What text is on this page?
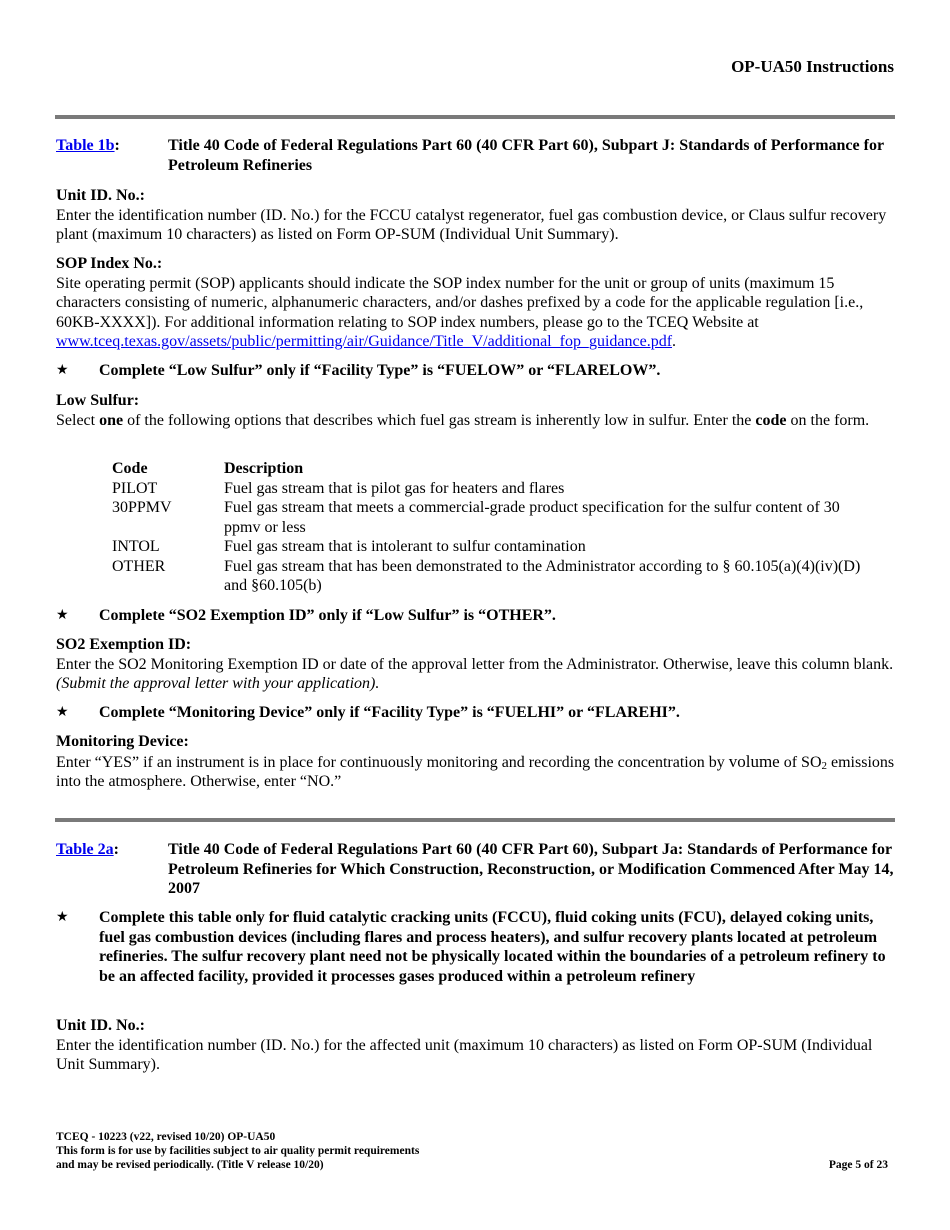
OP-UA50 Instructions
Table 1b:	Title 40 Code of Federal Regulations Part 60 (40 CFR Part 60), Subpart J: Standards of Performance for Petroleum Refineries
Unit ID. No.:
Enter the identification number (ID. No.) for the FCCU catalyst regenerator, fuel gas combustion device, or Claus sulfur recovery plant (maximum 10 characters) as listed on Form OP-SUM (Individual Unit Summary).
SOP Index No.:
Site operating permit (SOP) applicants should indicate the SOP index number for the unit or group of units (maximum 15 characters consisting of numeric, alphanumeric characters, and/or dashes prefixed by a code for the applicable regulation [i.e., 60KB-XXXX]). For additional information relating to SOP index numbers, please go to the TCEQ Website at www.tceq.texas.gov/assets/public/permitting/air/Guidance/Title_V/additional_fop_guidance.pdf.
★ Complete “Low Sulfur” only if “Facility Type” is “FUELOW” or “FLARELOW”.
Low Sulfur:
Select one of the following options that describes which fuel gas stream is inherently low in sulfur. Enter the code on the form.
Code	Description
PILOT	Fuel gas stream that is pilot gas for heaters and flares
30PPMV	Fuel gas stream that meets a commercial-grade product specification for the sulfur content of 30 ppmv or less
INTOL	Fuel gas stream that is intolerant to sulfur contamination
OTHER	Fuel gas stream that has been demonstrated to the Administrator according to § 60.105(a)(4)(iv)(D) and §60.105(b)
★ Complete “SO2 Exemption ID” only if “Low Sulfur” is “OTHER”.
SO2 Exemption ID:
Enter the SO2 Monitoring Exemption ID or date of the approval letter from the Administrator. Otherwise, leave this column blank. (Submit the approval letter with your application).
★ Complete “Monitoring Device” only if “Facility Type” is “FUELHI” or “FLAREHI”.
Monitoring Device:
Enter “YES” if an instrument is in place for continuously monitoring and recording the concentration by volume of $SO_2$ emissions into the atmosphere. Otherwise, enter “NO.”
Table 2a:	Title 40 Code of Federal Regulations Part 60 (40 CFR Part 60), Subpart Ja: Standards of Performance for Petroleum Refineries for Which Construction, Reconstruction, or Modification Commenced After May 14, 2007
★ Complete this table only for fluid catalytic cracking units (FCCU), fluid coking units (FCU), delayed coking units, fuel gas combustion devices (including flares and process heaters), and sulfur recovery plants located at petroleum refineries. The sulfur recovery plant need not be physically located within the boundaries of a petroleum refinery to be an affected facility, provided it processes gases produced within a petroleum refinery
Unit ID. No.:
Enter the identification number (ID. No.) for the affected unit (maximum 10 characters) as listed on Form OP-SUM (Individual Unit Summary).
TCEQ - 10223 (v22, revised 10/20) OP-UA50
This form is for use by facilities subject to air quality permit requirements
and may be revised periodically. (Title V release 10/20)	Page 5 of 23
